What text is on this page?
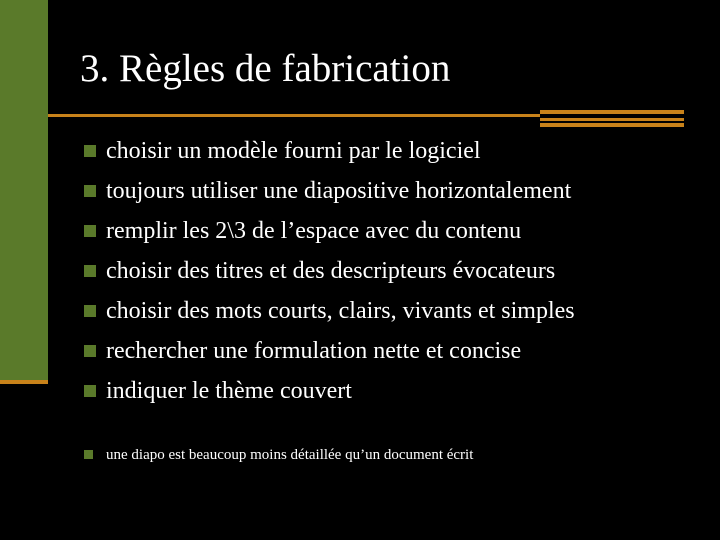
3. Règles de fabrication
choisir un modèle fourni par le logiciel
toujours utiliser une diapositive horizontalement
remplir les 2\3 de l’espace avec du contenu
choisir des titres et des descripteurs évocateurs
choisir des mots courts, clairs, vivants et simples
rechercher une formulation nette et concise
indiquer le thème couvert
une diapo est beaucoup moins détaillée qu’un document écrit
